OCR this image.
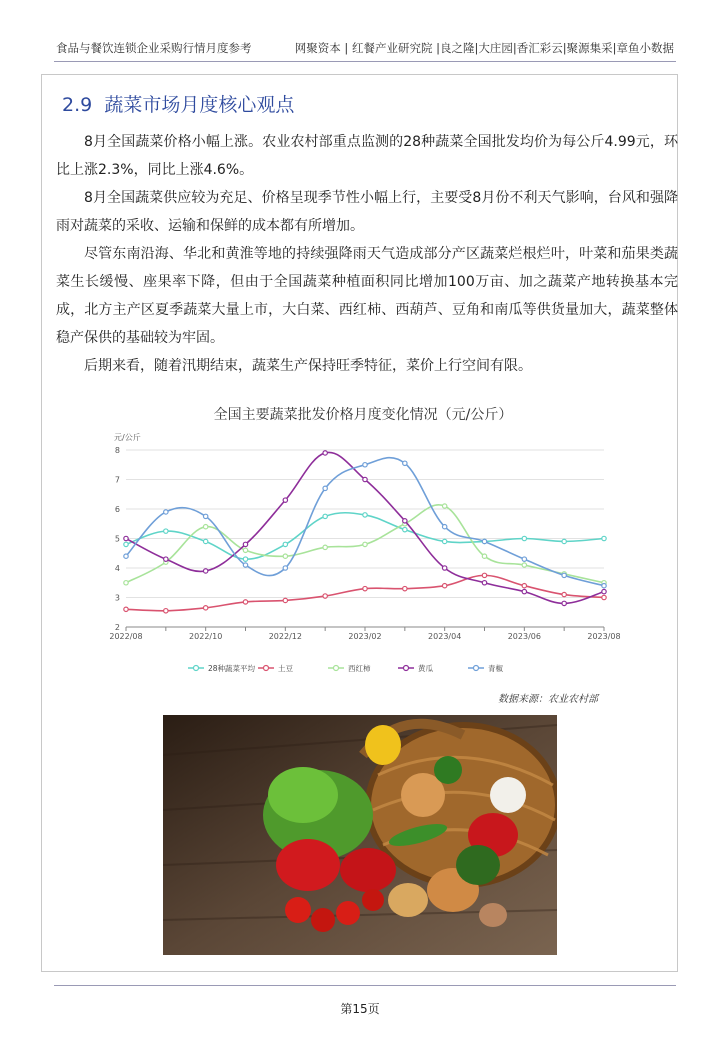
食品与餐饮连锁企业采购行情月度参考	网聚资本 | 红餐产业研究院 |良之隆|大庄园|香汇彩云|聚源集采|章鱼小数据
2.9 蔬菜市场月度核心观点

8月全国蔬菜价格小幅上涨。农业农村部重点监测的28种蔬菜全国批发均价为每公斤4.99元，环比上涨2.3%，同比上涨4.6%。

8月全国蔬菜供应较为充足、价格呈现季节性小幅上行，主要受8月份不利天气影响，台风和强降雨对蔬菜的采收、运输和保鲜的成本都有所增加。

尽管东南沿海、华北和黄淮等地的持续强降雨天气造成部分产区蔬菜烂根烂叶，叶菜和茄果类蔬菜生长缓慢、座果率下降，但由于全国蔬菜种植面积同比增加100万亩、加之蔬菜产地转换基本完成，北方主产区夏季蔬菜大量上市，大白菜、西红柿、西葫芦、豆角和南瓜等供货量加大，蔬菜整体稳产保供的基础较为牢固。

后期来看，随着汛期结束，蔬菜生产保持旺季特征，菜价上行空间有限。

全国主要蔬菜批发价格月度变化情况（元/公斤）
2
3
4
5
6
7
8
元/公斤
2022/08	2022/10	2022/12	2023/02	2023/04	2023/06	2023/08
28种蔬菜平均	土豆	西红柿	黄瓜	青椒
数据来源：农业农村部
第15页
